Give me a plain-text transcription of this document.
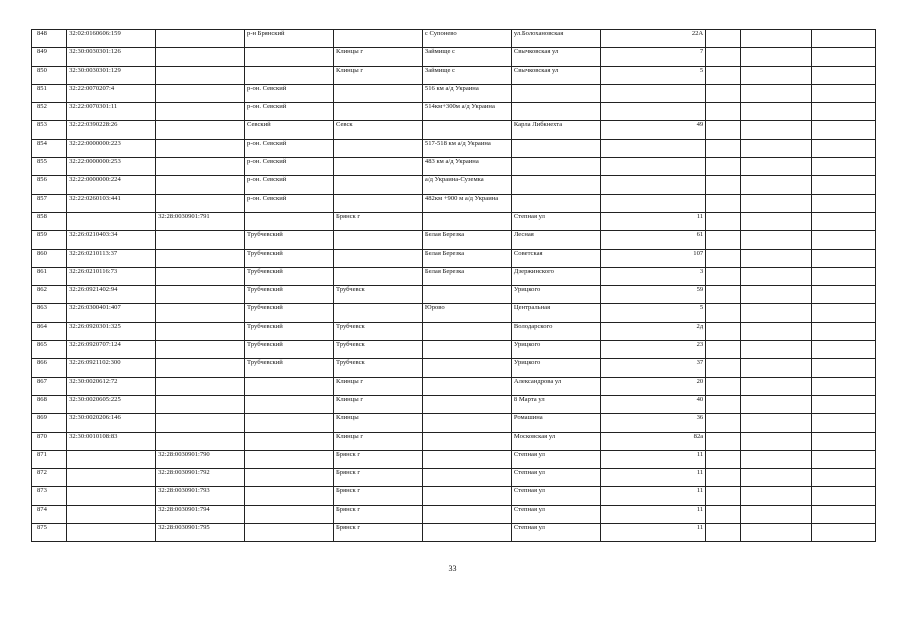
848	32:02:0160606:159		р-н Брянский		с Супонево	ул.Болохановская	22А			
849	32:30:0030301:126			Клинцы г	Займище с	Свычковская ул	7			
850	32:30:0030301:129			Клинцы г	Займище с	Свычковская ул	5			
851	32:22:0070207:4		р-он. Севский		516 км а/д Украина					
852	32:22:0070301:11		р-он. Севский		514км+300м а/д Украина					
853	32:22:0390228:26		Севский	Севск		Карла Либкнехта	49			
854	32:22:0000000:223		р-он. Севский		517-518 км а/д Украина					
855	32:22:0000000:253		р-он. Севский		483 км а/д Украина					
856	32:22:0000000:224		р-он. Севский		а/д Украина-Суземка					
857	32:22:0260103:441		р-он. Севский		482км +900 м а/д Украина					
858		32:28:0030901:791		Брянск г		Степная ул	11			
859	32:26:0210403:34		Трубчевский		Белая Березка	Лесная	61			
860	32:26:0210113:37		Трубчевский		Белая Березка	Советская	107			
861	32:26:0210116:73		Трубчевский		Белая Березка	Дзержинского	3			
862	32:26:0921402:94		Трубчевский	Трубчевск		Урицкого	59			
863	32:26:0300401:407		Трубчевский		Юрово	Центральная	5			
864	32:26:0920301:325		Трубчевский	Трубчевск		Володарского	2д			
865	32:26:0920707:124		Трубчевский	Трубчевск		Урицкого	23			
866	32:26:0921102:300		Трубчевский	Трубчевск		Урицкого	37			
867	32:30:0020612:72			Клинцы г		Александрова ул	20			
868	32:30:0020605:225			Клинцы г		8 Марта ул	40			
869	32:30:0020206:146			Клинцы		Ромашина	36			
870	32:30:0010108:83			Клинцы г		Московская ул	82а			
871		32:28:0030901:790		Брянск г		Степная ул	11			
872		32:28:0030901:792		Брянск г		Степная ул	11			
873		32:28:0030901:793		Брянск г		Степная ул	11			
874		32:28:0030901:794		Брянск г		Степная ул	11			
875		32:28:0030901:795		Брянск г		Степная ул	11			
33
